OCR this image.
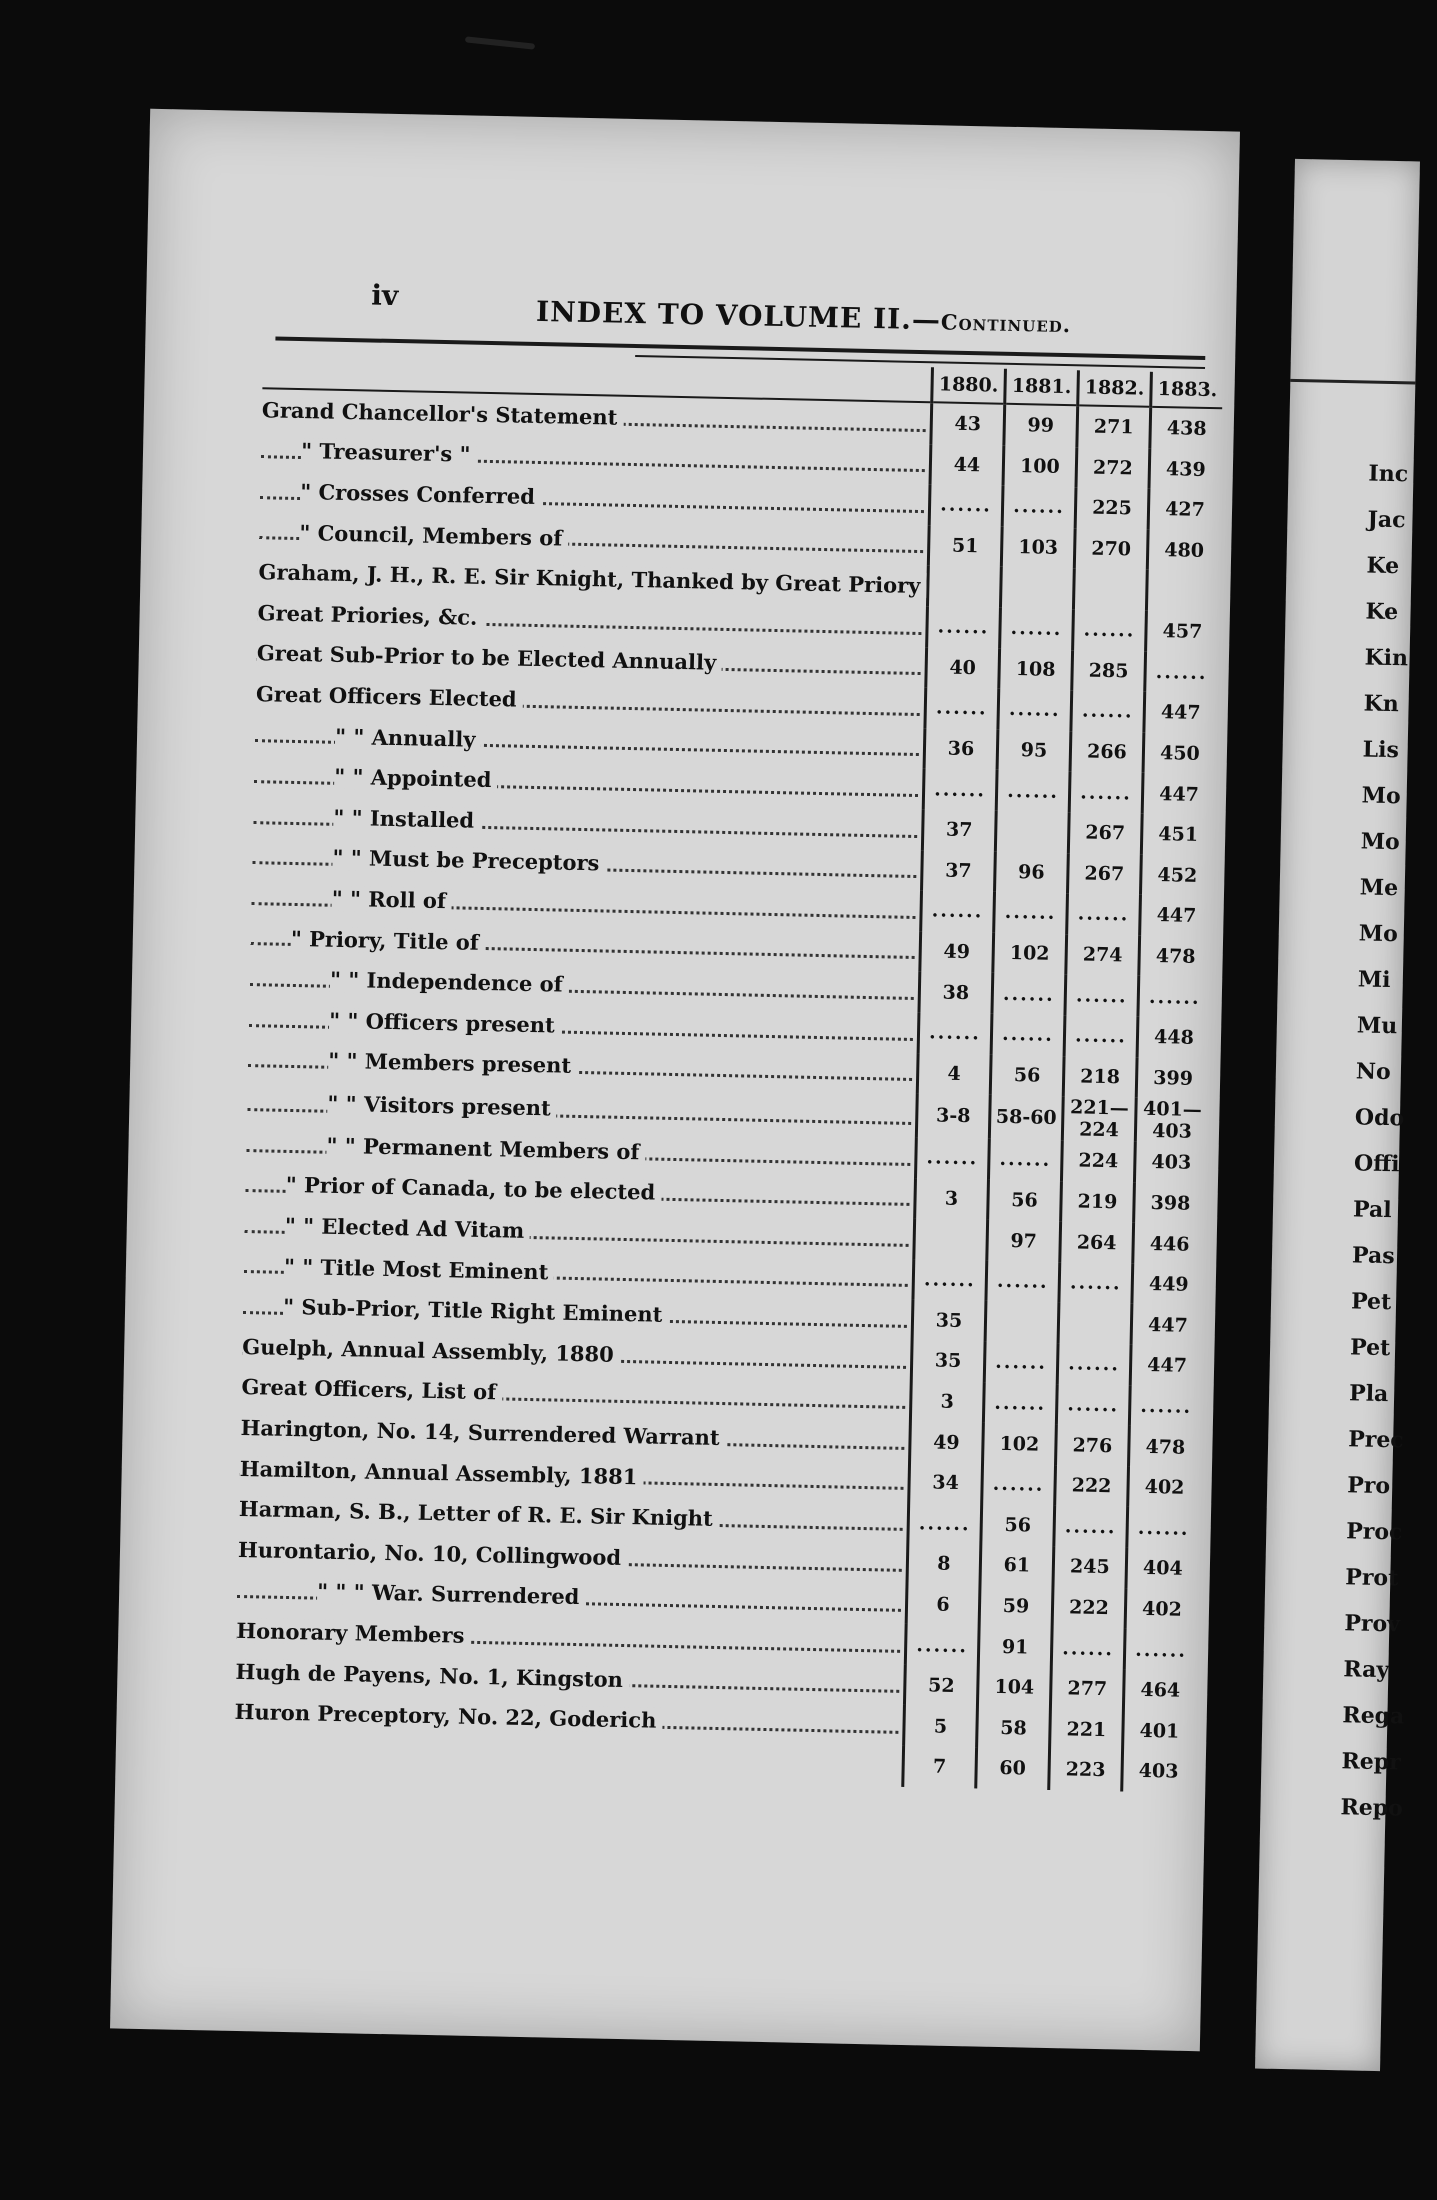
iv	INDEX TO VOLUME II.—Continued.
	1880.	1881.	1882.	1883.

Grand Chancellor's Statement	43	99	271	438

" Treasurer's "	44	100	272	439

" Crosses Conferred	......	......	225	427

" Council, Members of	51	103	270	480

Graham, J. H., R. E. Sir Knight, Thanked by Great Priory				

Great Priories, &c.	......	......	......	457

Great Sub-Prior to be Elected Annually	40	108	285	......

Great Officers Elected	......	......	......	447

" " Annually	36	95	266	450

" " Appointed	......	......	......	447

" " Installed	37		267	451

" " Must be Preceptors	37	96	267	452

" " Roll of	......	......	......	447

" Priory, Title of	49	102	274	478

" " Independence of	38	......	......	......

" " Officers present	......	......	......	448

" " Members present	4	56	218	399

" " Visitors present	3-8	58-60	221—224	401—403

" " Permanent Members of	......	......	224	403

" Prior of Canada, to be elected	3	56	219	398

" " Elected Ad Vitam		97	264	446

" " Title Most Eminent	......	......	......	449

" Sub-Prior, Title Right Eminent	35			447

Guelph, Annual Assembly, 1880	35	......	......	447

Great Officers, List of	3	......	......	......

Harington, No. 14, Surrendered Warrant	49	102	276	478

Hamilton, Annual Assembly, 1881	34	......	222	402

Harman, S. B., Letter of R. E. Sir Knight	......	56	......	......

Hurontario, No. 10, Collingwood	8	61	245	404

" " " War. Surrendered	6	59	222	402

Honorary Members	......	91	......	......

Hugh de Payens, No. 1, Kingston	52	104	277	464

Huron Preceptory, No. 22, Goderich	5	58	221	401
	7	60	223	403
Inc
Jac
Ke
Ke
Kin
Kn
Lis
Mo
Mo
Me
Mo
Mi
Mu
No
Odo
Offi
Pal
Pas
Pet
Pet
Pla
Prec
Pro
Proc
Prot
Prov
Ray
Rega
Repr
Repo
